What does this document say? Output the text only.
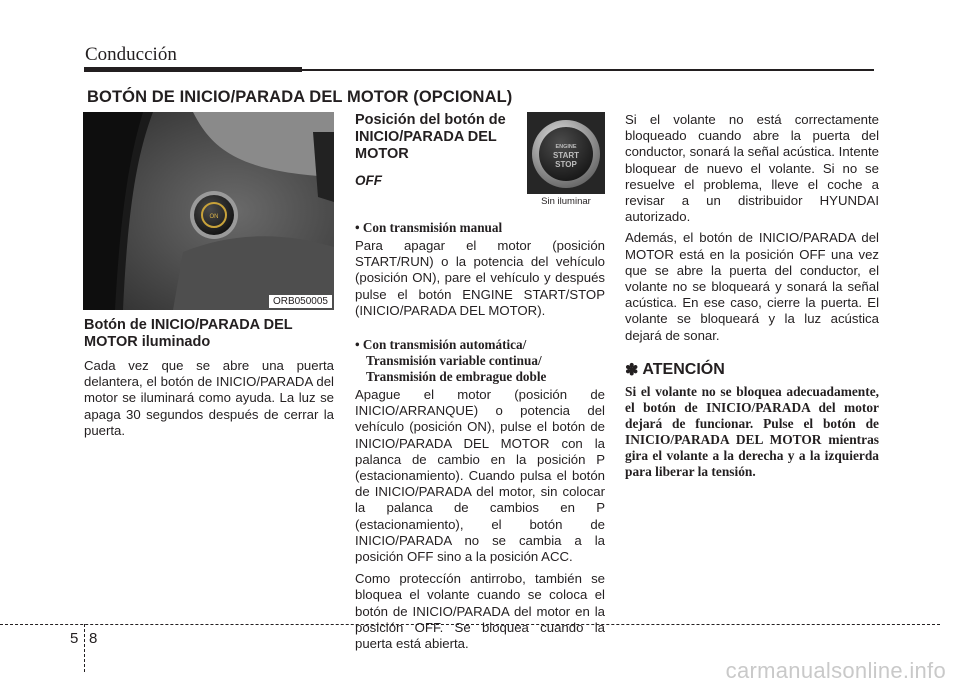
Conducción
BOTÓN DE INICIO/PARADA DEL MOTOR (OPCIONAL)
ON
ORB050005
Botón de INICIO/PARADA DEL MOTOR iluminado
Cada vez que se abre una puerta delantera, el botón de INICIO/PARADA del motor se iluminará como ayuda. La luz se apaga 30 segundos después de cerrar la puerta.
Posición del botón de INICIO/PARADA DEL MOTOR
OFF
• Con transmisión manual
Para apagar el motor (posición START/RUN) o la potencia del vehículo (posición ON), pare el vehículo y después pulse el botón ENGINE START/STOP (INICIO/PARADA DEL MOTOR).
• Con transmisión automática/
Transmisión variable continua/
Transmisión de embrague doble
Apague el motor (posición de INICIO/ARRANQUE) o potencia del vehículo (posición ON), pulse el botón de INICIO/PARADA DEL MOTOR con la palanca de cambio en la posición P (estacionamiento). Cuando pulsa el botón de INICIO/PARADA del motor, sin colocar la palanca de cambios en P (estacionamiento), el botón de INICIO/PARADA no se cambia a la posición OFF sino a la posición ACC.
Como proteccíón antirrobo, también se bloquea el volante cuando se coloca el botón de INICIO/PARADA del motor en la posición OFF. Se bloquea cuando la puerta está abierta.
ENGINE
START
STOP
Sin iluminar
Si el volante no está correctamente bloqueado cuando abre la puerta del conductor, sonará la señal acústica. Intente bloquear de nuevo el volante. Si no se resuelve el problema, lleve el coche a revisar a un distribuidor HYUNDAI autorizado.
Además, el botón de INICIO/PARADA del MOTOR está en la posición OFF una vez que se abre la puerta del conductor, el volante no se bloqueará y sonará la señal acústica. En ese caso, cierre la puerta. El volante se bloqueará y la luz acústica dejará de sonar.
✽ ATENCIÓN
Si el volante no se bloquea adecuadamente, el botón de INICIO/PARADA del motor dejará de funcionar. Pulse el botón de INICIO/PARADA DEL MOTOR mientras gira el volante a la derecha y a la izquierda para liberar la tensión.
5 8
carmanualsonline.info
